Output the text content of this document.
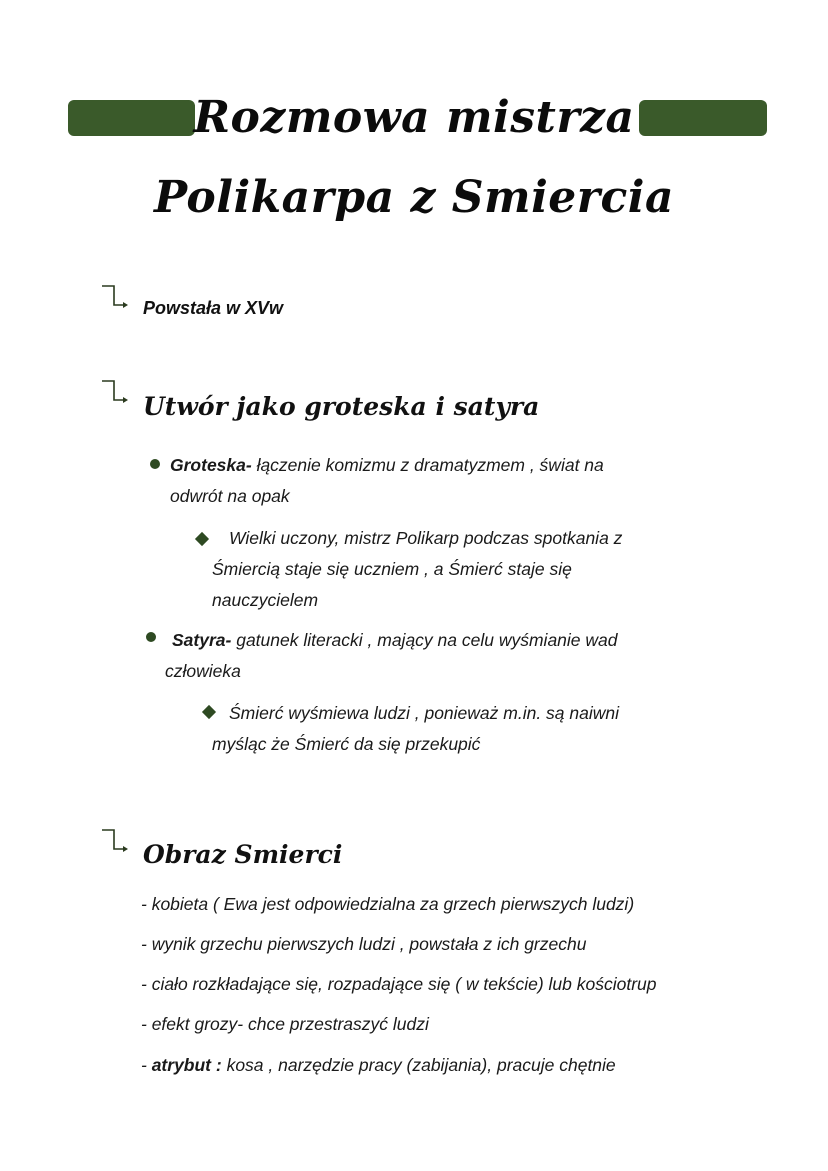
Rozmowa mistrza
Polikarpa z Smiercia
Powstała w XVw
Utwór jako groteska i satyra
Groteska- łączenie komizmu z dramatyzmem , świat na
odwrót na opak
Wielki uczony, mistrz Polikarp podczas spotkania z
Śmiercią staje się uczniem , a Śmierć staje się
nauczycielem
Satyra- gatunek literacki , mający na celu wyśmianie wad
człowieka
Śmierć wyśmiewa ludzi , ponieważ m.in. są naiwni
myśląc że Śmierć da się przekupić
Obraz Smierci
- kobieta ( Ewa jest odpowiedzialna za grzech pierwszych ludzi)
- wynik grzechu pierwszych ludzi , powstała z ich grzechu
- ciało rozkładające się, rozpadające się ( w tekście) lub kościotrup
- efekt grozy- chce przestraszyć ludzi
- atrybut : kosa , narzędzie pracy (zabijania), pracuje chętnie
